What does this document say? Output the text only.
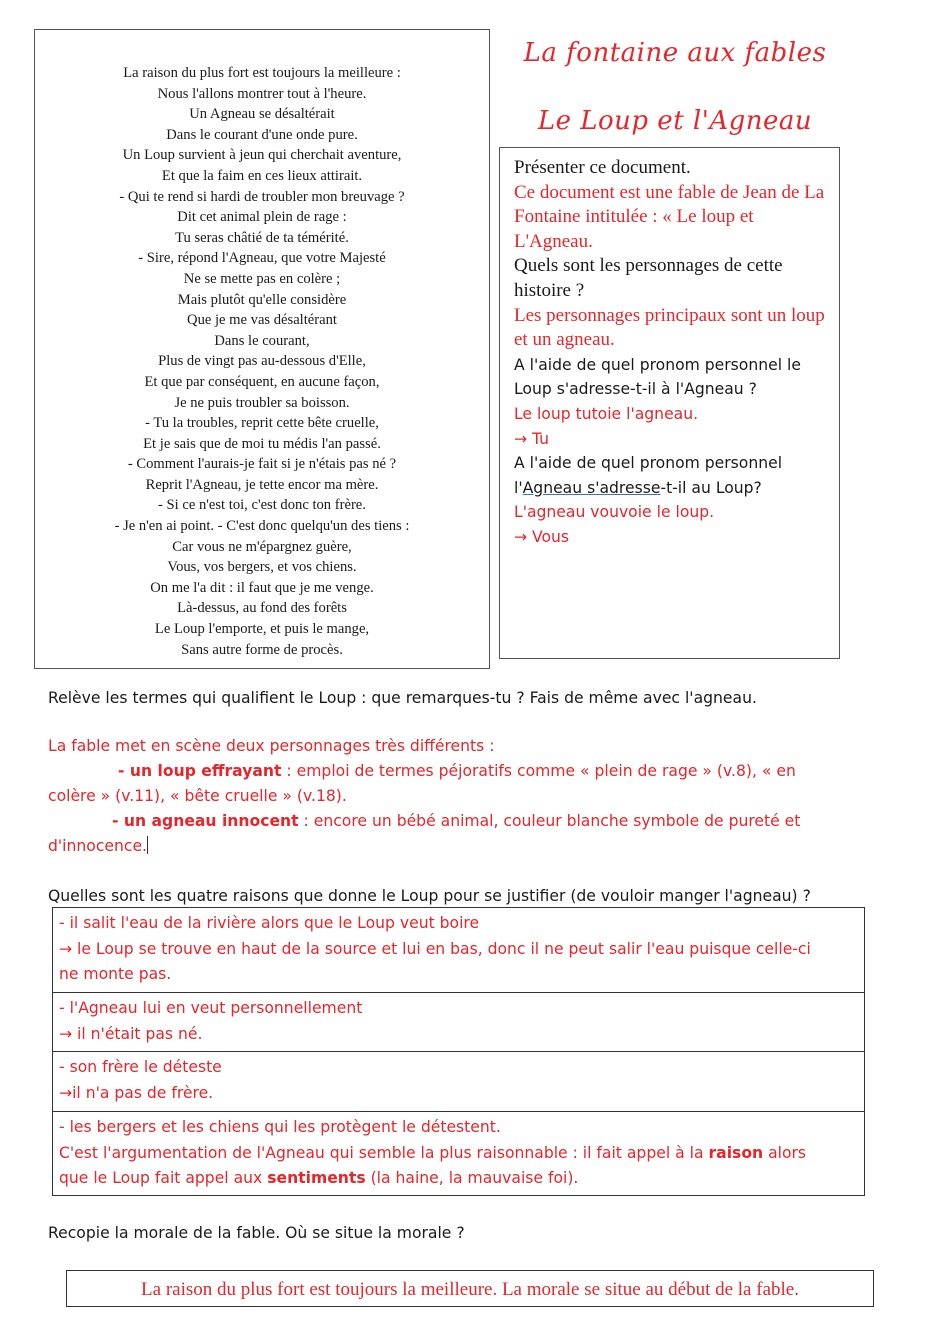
La raison du plus fort est toujours la meilleure :
Nous l'allons montrer tout à l'heure.
Un Agneau se désaltérait
Dans le courant d'une onde pure.
Un Loup survient à jeun qui cherchait aventure,
Et que la faim en ces lieux attirait.
- Qui te rend si hardi de troubler mon breuvage ?
Dit cet animal plein de rage :
Tu seras châtié de ta témérité.
- Sire, répond l'Agneau, que votre Majesté
Ne se mette pas en colère ;
Mais plutôt qu'elle considère
Que je me vas désaltérant
Dans le courant,
Plus de vingt pas au-dessous d'Elle,
Et que par conséquent, en aucune façon,
Je ne puis troubler sa boisson.
- Tu la troubles, reprit cette bête cruelle,
Et je sais que de moi tu médis l'an passé.
- Comment l'aurais-je fait si je n'étais pas né ?
Reprit l'Agneau, je tette encor ma mère.
- Si ce n'est toi, c'est donc ton frère.
- Je n'en ai point. - C'est donc quelqu'un des tiens :
Car vous ne m'épargnez guère,
Vous, vos bergers, et vos chiens.
On me l'a dit : il faut que je me venge.
Là-dessus, au fond des forêts
Le Loup l'emporte, et puis le mange,
Sans autre forme de procès.
La fontaine aux fables
Le Loup et l'Agneau
Présenter ce document.
Ce document est une fable de Jean de La Fontaine intitulée : « Le loup et L'Agneau.
Quels sont les personnages de cette histoire ?
Les personnages principaux sont un loup et un agneau.
A l'aide de quel pronom personnel le Loup s'adresse-t-il à l'Agneau ?
Le loup tutoie l'agneau.
→ Tu
A l'aide de quel pronom personnel l'Agneau s'adresse-t-il au Loup?
L'agneau vouvoie le loup.
→ Vous
Relève les termes qui qualifient le Loup : que remarques-tu ? Fais de même avec l'agneau.
La fable met en scène deux personnages très différents :
- un loup effrayant : emploi de termes péjoratifs comme « plein de rage » (v.8), « en
colère » (v.11), « bête cruelle » (v.18).
- un agneau innocent : encore un bébé animal, couleur blanche symbole de pureté et
d'innocence.
Quelles sont les quatre raisons que donne le Loup pour se justifier (de vouloir manger l'agneau) ?
- il salit l'eau de la rivière alors que le Loup veut boire
→ le Loup se trouve en haut de la source et lui en bas, donc il ne peut salir l'eau puisque celle-ci
ne monte pas.
- l'Agneau lui en veut personnellement
→ il n'était pas né.
- son frère le déteste
→il n'a pas de frère.
- les bergers et les chiens qui les protègent le détestent.
C'est l'argumentation de l'Agneau qui semble la plus raisonnable : il fait appel à la raison alors
que le Loup fait appel aux sentiments (la haine, la mauvaise foi).
Recopie la morale de la fable. Où se situe la morale ?
La raison du plus fort est toujours la meilleure. La morale se situe au début de la fable.
